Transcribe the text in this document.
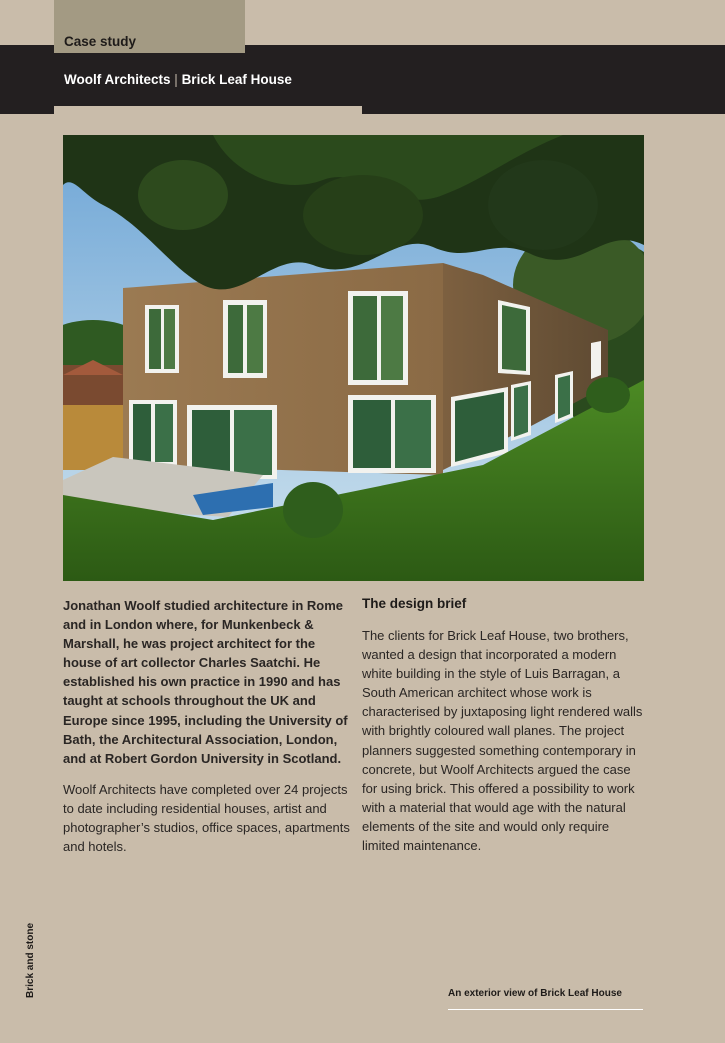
Case study
Woolf Architects | Brick Leaf House

Jonathan Woolf studied architecture in Rome and in London where, for Munkenbeck & Marshall, he was project architect for the house of art collector Charles Saatchi. He established his own practice in 1990 and has taught at schools throughout the UK and Europe since 1995, including the University of Bath, the Architectural Association, London, and at Robert Gordon University in Scotland.

Woolf Architects have completed over 24 projects to date including residential houses, artist and photographer’s studios, office spaces, apartments and hotels.

The design brief

The clients for Brick Leaf House, two brothers, wanted a design that incorporated a modern white building in the style of Luis Barragan, a South American architect whose work is characterised by juxtaposing light rendered walls with brightly coloured wall planes. The project planners suggested something contemporary in concrete, but Woolf Architects argued the case for using brick. This offered a possibility to work with a material that would age with the natural elements of the site and would only require limited maintenance.

Brick and stone	An exterior view of Brick Leaf House
